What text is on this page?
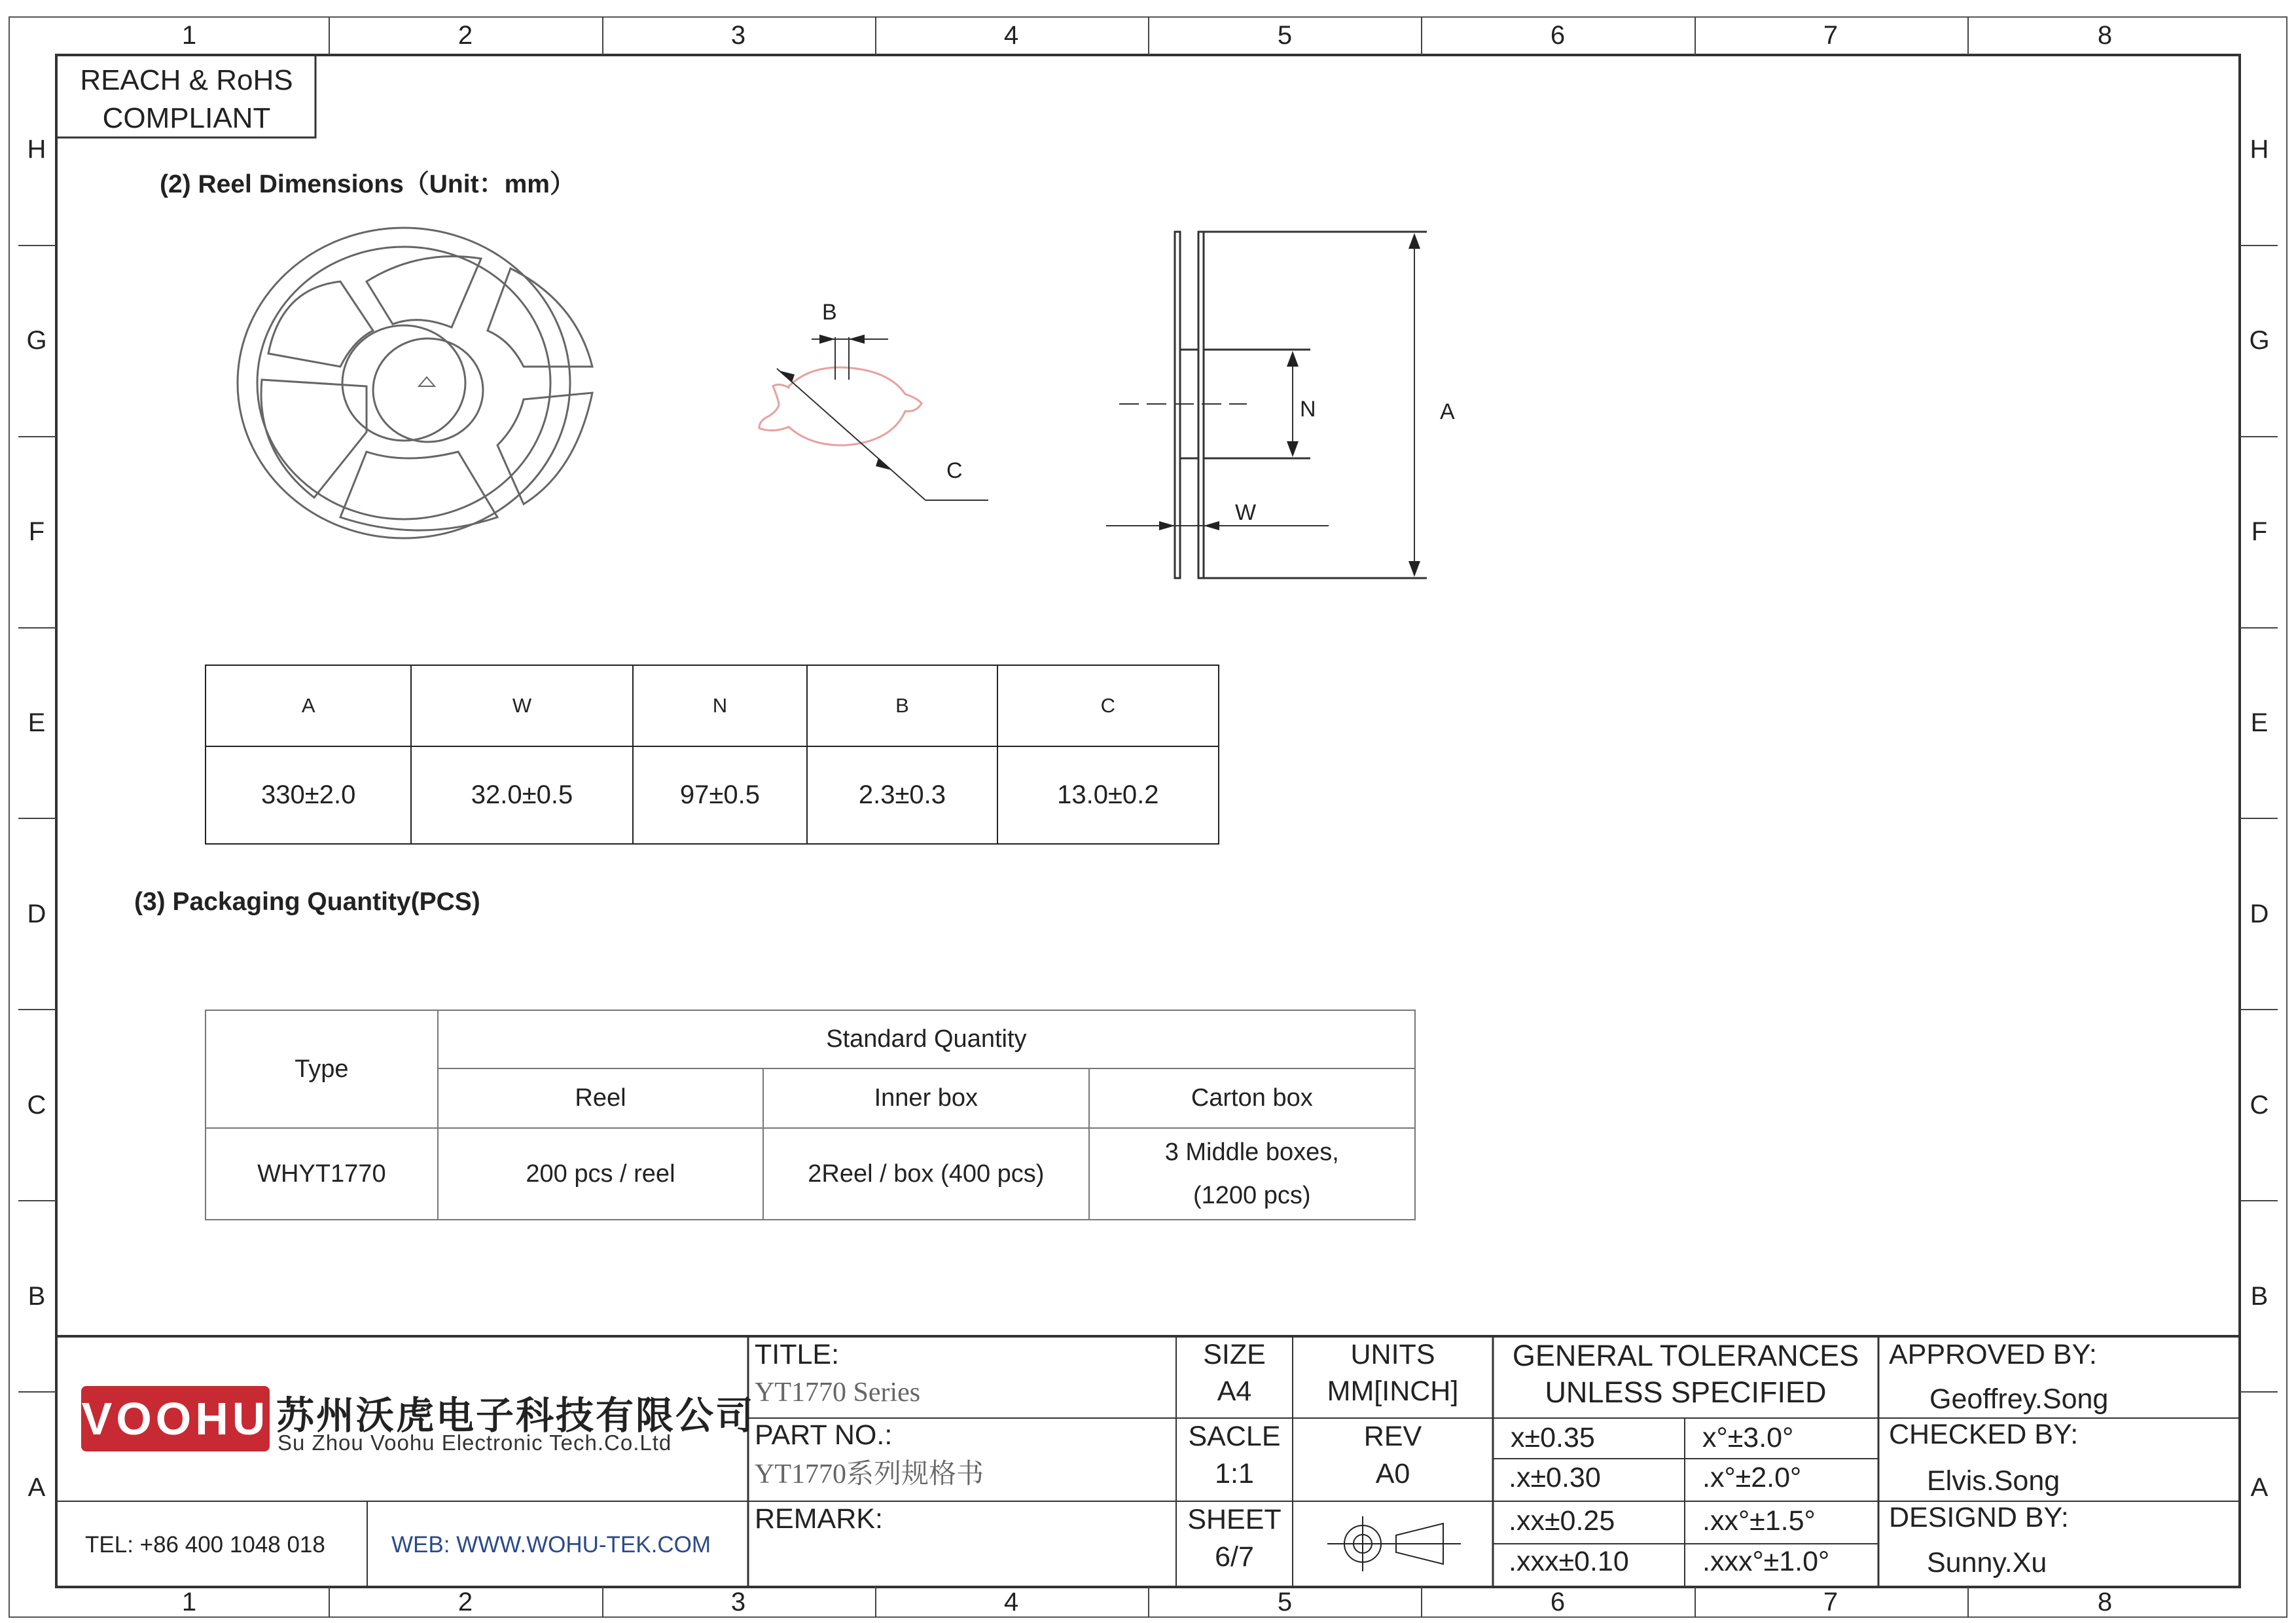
1	2	3	4	5	6	7	8
1	2	3	4	5	6	7	8
H
G
F
E
D
C
B
A
H
G
F
E
D
C
B
A
REACH & RoHS
COMPLIANT
(2) Reel Dimensions（Unit：mm）
(3) Packaging Quantity(PCS)
B
C
N	A
W
A	W	N	B	C
330±2.0	32.0±0.5	97±0.5	2.3±0.3	13.0±0.2
Type	Standard Quantity		
	Reel	Inner box	Carton box
WHYT1770	200 pcs / reel	2Reel / box (400 pcs)	3 Middle boxes,
(1200 pcs)
VOOHU 苏州沃虎电子科技有限公司
Su Zhou Voohu Electronic Tech.Co.Ltd
TEL: +86 400 1048 018	WEB: WWW.WOHU-TEK.COM
TITLE:
YT1770 Series
PART NO.:
YT1770系列规格书
REMARK:
SIZE
A4
SACLE
1:1
SHEET
6/7
UNITS
MM[INCH]
REV
A0
GENERAL TOLERANCES
UNLESS SPECIFIED
x±0.35	x°±3.0°
.x±0.30	.x°±2.0°
.xx±0.25	.xx°±1.5°
.xxx±0.10	.xxx°±1.0°
APPROVED BY:
Geoffrey.Song
CHECKED BY:
Elvis.Song
DESIGND BY:
Sunny.Xu
